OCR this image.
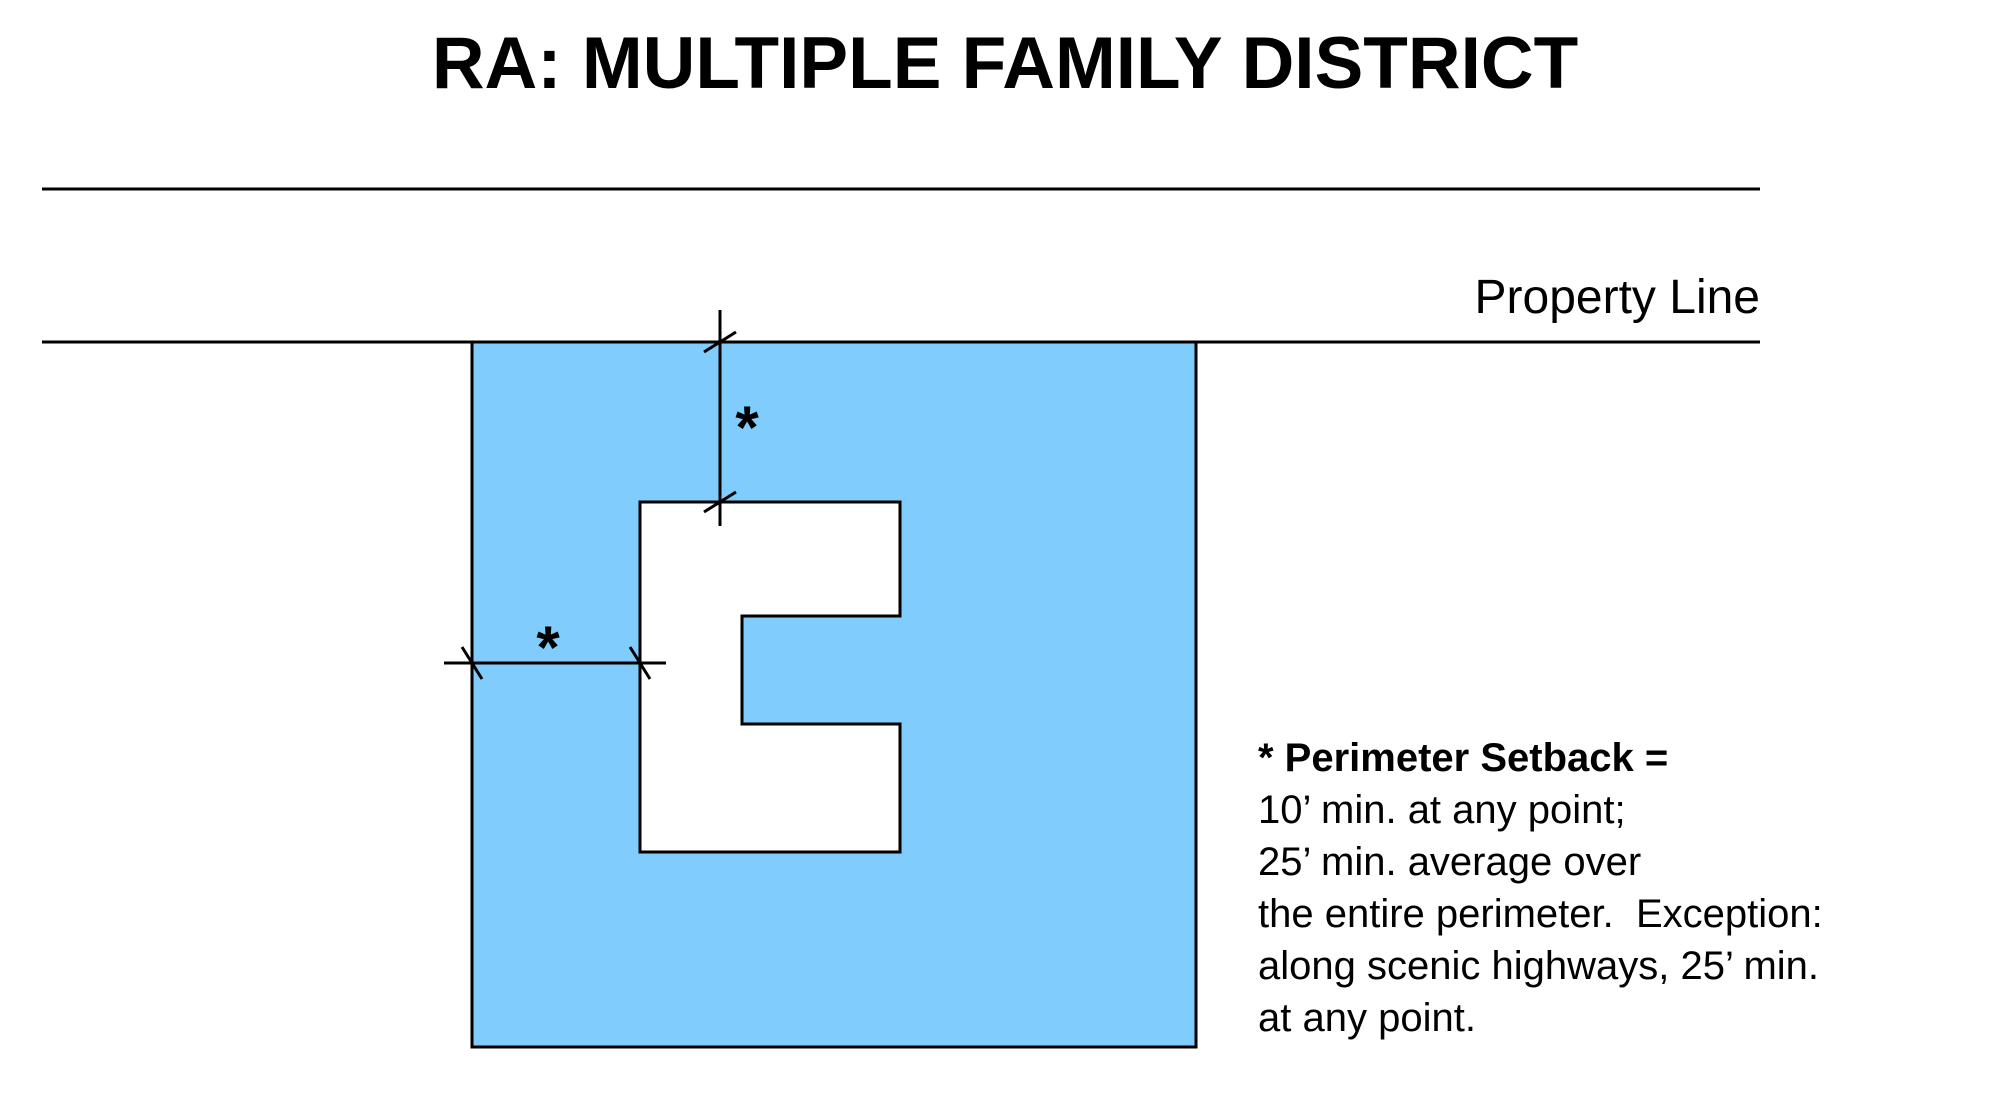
RA: MULTIPLE FAMILY DISTRICT
Property Line
*
*
* Perimeter Setback =
10’ min. at any point;
25’ min. average over
the entire perimeter.  Exception:
along scenic highways, 25’ min.
at any point.
